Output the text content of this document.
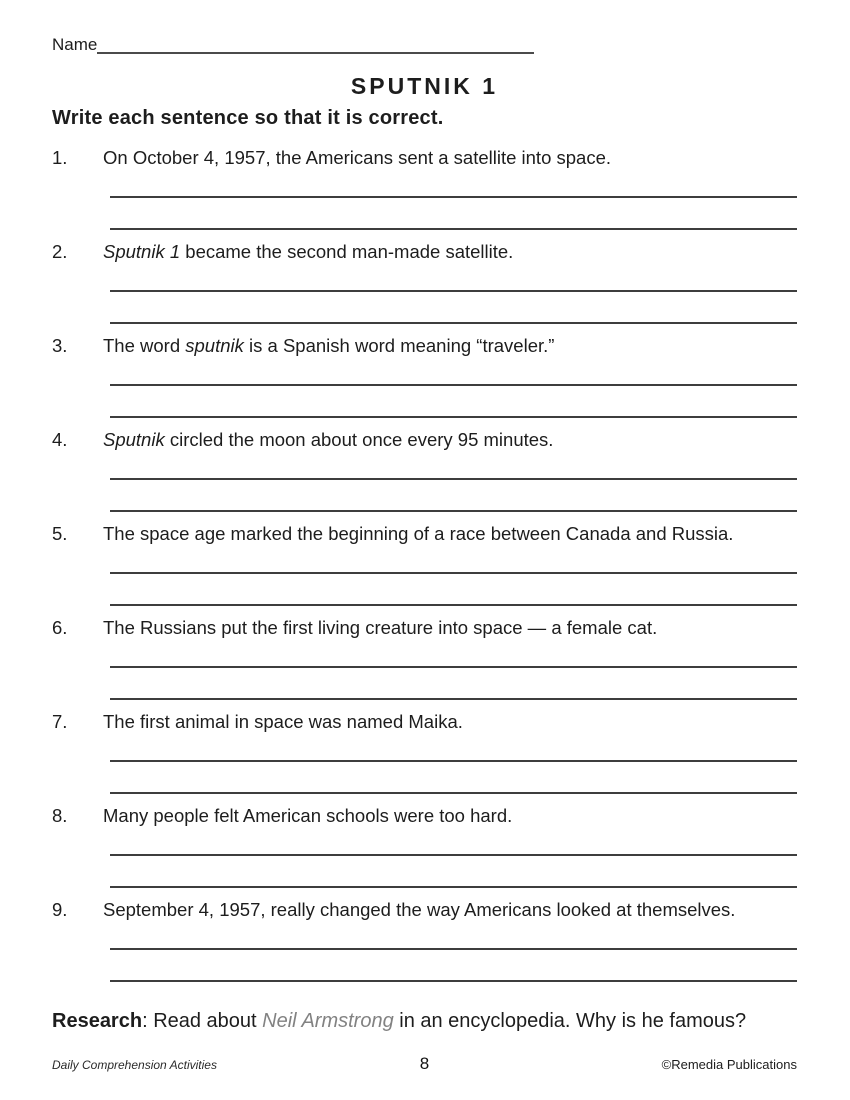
Name
SPUTNIK 1
Write each sentence so that it is correct.
1.	On October 4, 1957, the Americans sent a satellite into space.
2.	Sputnik 1 became the second man-made satellite.
3.	The word sputnik is a Spanish word meaning “traveler.”
4.	Sputnik circled the moon about once every 95 minutes.
5.	The space age marked the beginning of a race between Canada and Russia.
6.	The Russians put the first living creature into space — a female cat.
7.	The first animal in space was named Maika.
8.	Many people felt American schools were too hard.
9.	September 4, 1957, really changed the way Americans looked at themselves.
Research: Read about Neil Armstrong in an encyclopedia. Why is he famous?
Daily Comprehension Activities	8	©Remedia Publications
